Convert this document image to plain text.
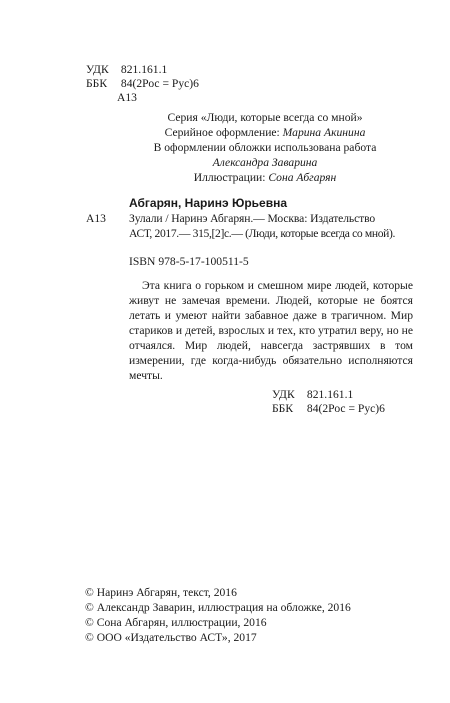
УДК 821.161.1
ББК 84(2Рос = Рус)6
А13
Серия «Люди, которые всегда со мной»
Серийное оформление: Марина Акинина
В оформлении обложки использована работа
Александра Заварина
Иллюстрации: Сона Абгарян
Абгарян, Наринэ Юрьевна
А13 Зулали / Наринэ Абгарян.— Москва: Издательство
АСТ, 2017.— 315,[2]с.— (Люди, которые всегда со мной).
ISBN 978-5-17-100511-5
Эта книга о горьком и смешном мире людей, которые живут не замечая времени. Людей, которые не боятся летать и умеют найти забавное даже в трагичном. Мир стариков и детей, взрослых и тех, кто утратил веру, но не отчаялся. Мир людей, навсегда застрявших в том измерении, где когда-нибудь обязательно исполняются мечты.
УДК 821.161.1
ББК 84(2Рос = Рус)6
© Наринэ Абгарян, текст, 2016
© Александр Заварин, иллюстрация на обложке, 2016
© Сона Абгарян, иллюстрации, 2016
© ООО «Издательство АСТ», 2017
